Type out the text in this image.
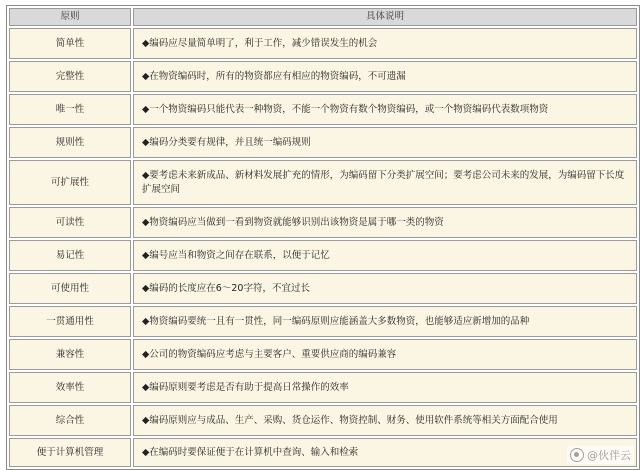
原则	具体说明
简单性	◆编码应尽量简单明了，利于工作，减少错误发生的机会
完整性	◆在物资编码时，所有的物资都应有相应的物资编码，不可遗漏
唯一性	◆一个物资编码只能代表一种物资，不能一个物资有数个物资编码，或一个物资编码代表数项物资
规则性	◆编码分类要有规律，并且统一编码规则
可扩展性	◆要考虑未来新成品、新材料发展扩充的情形，为编码留下分类扩展空间；要考虑公司未来的发展，为编码留下长度扩展空间
可读性	◆物资编码应当做到一看到物资就能够识别出该物资是属于哪一类的物资
易记性	◆编号应当和物资之间存在联系，以便于记忆
可使用性	◆编码的长度应在6～20字符，不宜过长
一贯通用性	◆物资编码要统一且有一贯性，同一编码原则应能涵盖大多数物资，也能够适应新增加的品种
兼容性	◆公司的物资编码应考虑与主要客户、重要供应商的编码兼容
效率性	◆编码原则要考虑是否有助于提高日常操作的效率
综合性	◆编码原则应与成品、生产、采购、货仓运作、物资控制、财务、使用软件系统等相关方面配合使用
便于计算机管理	◆在编码时要保证便于在计算机中查询、输入和检索	@伙伴云
